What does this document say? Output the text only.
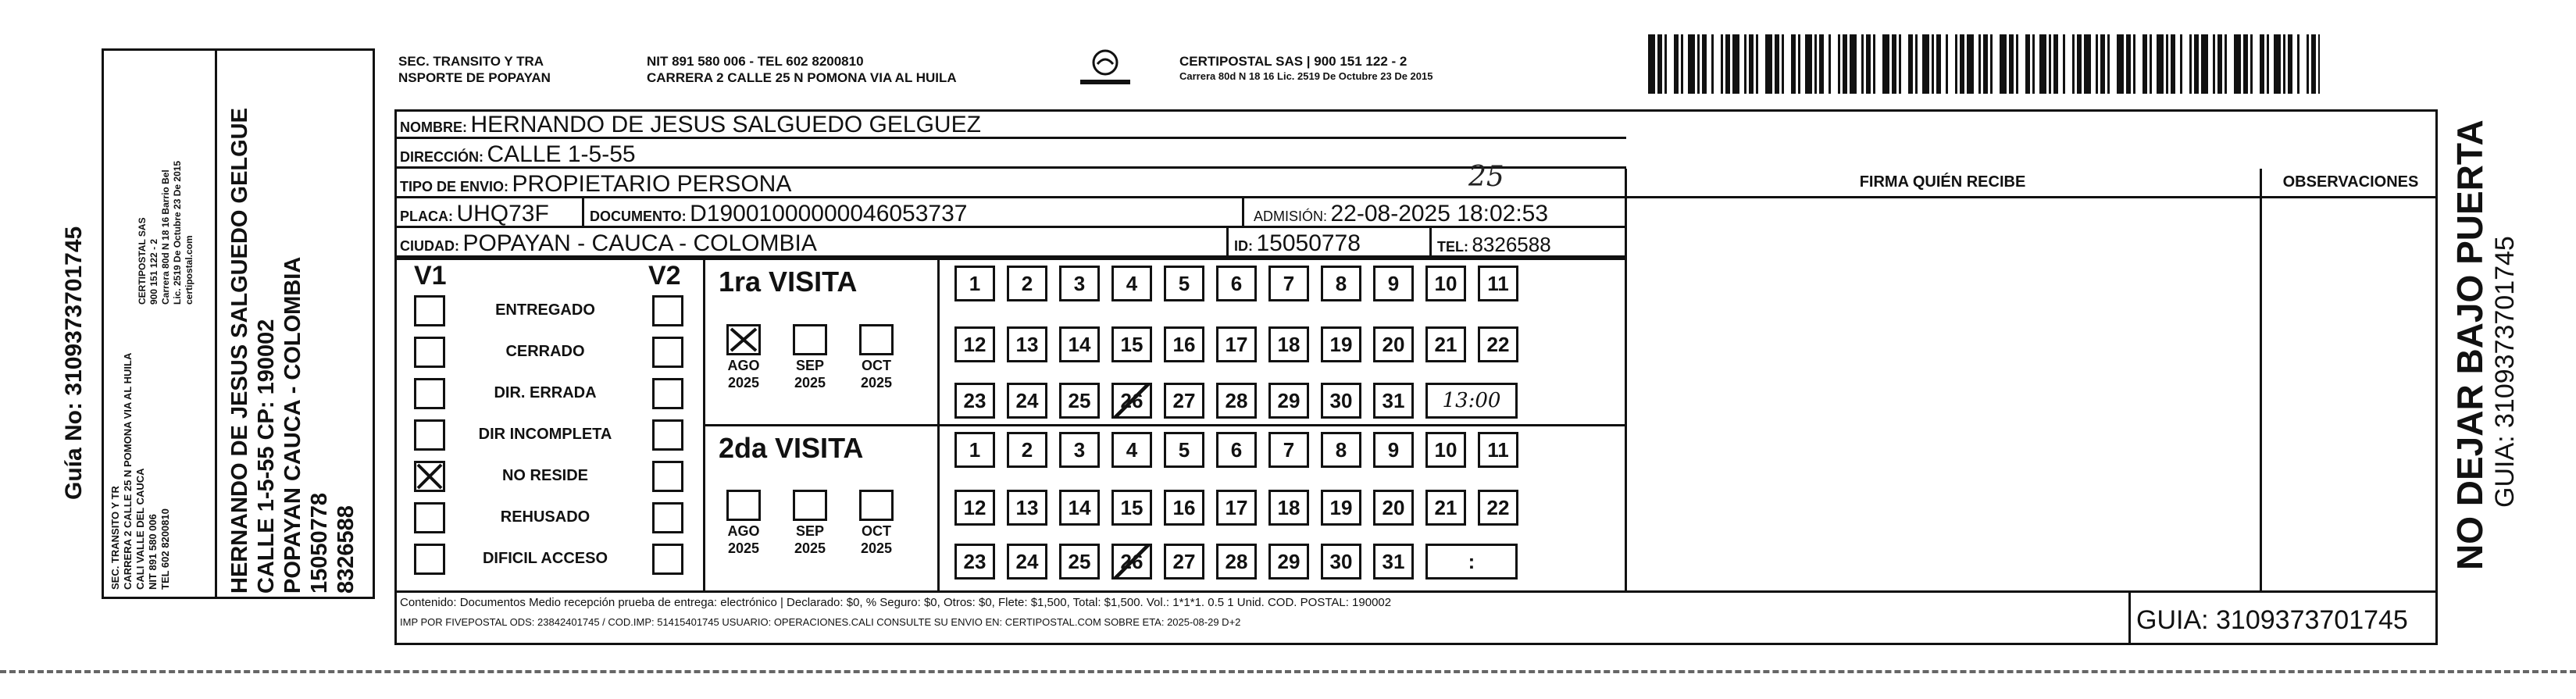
Guía No: 3109373701745
SEC. TRANSITO Y TR CARRERA 2 CALLE 25 N POMONA VIA AL HUILA CALI VALLE DEL CAUCA NIT 891 580 006 TEL 602 8200810
CERTIPOSTAL SAS 900 151 122 - 2 Carrera 80d N 18 16 Barrio Bel Lic. 2519 De Octubre 23 De 2015 certipostal.com HERNANDO DE JESUS SALGUEDO GELGUE CALLE 1-5-55 CP: 190002 POPAYAN CAUCA - COLOMBIA 15050778 8326588
SEC. TRANSITO Y TRA
NSPORTE DE POPAYAN
NIT 891 580 006 - TEL 602 8200810
CARRERA 2 CALLE 25 N POMONA VIA AL HUILA
CERTIPOSTAL SAS | 900 151 122 - 2
Carrera 80d N 18 16 Lic. 2519 De Octubre 23 De 2015
NOMBRE: HERNANDO DE JESUS SALGUEDO GELGUEZ
DIRECCIÓN: CALLE 1-5-55
TIPO DE ENVIO: PROPIETARIO PERSONA	25
PLACA: UHQ73F	DOCUMENTO: D19001000000046053737	ADMISIÓN: 22-08-2025 18:02:53
CIUDAD: POPAYAN - CAUCA - COLOMBIA	ID: 15050778	TEL: 8326588
V1	V2
ENTREGADO
CERRADO
DIR. ERRADA
DIR INCOMPLETA
NO RESIDE
REHUSADO
DIFICIL ACCESO
1ra VISITA
2da VISITA
AGO
2025
SEP
2025
OCT
2025
AGO
2025
SEP
2025
OCT
2025
1	2	3	4	5	6	7	8	9	10	11
12	13	14	15	16	17	18	19	20	21	22
23	24	25	26	27	28	29	30	31	13:00
1	2	3	4	5	6	7	8	9	10	11
12	13	14	15	16	17	18	19	20	21	22
23	24	25	26	27	28	29	30	31	:
FIRMA QUIÉN RECIBE	OBSERVACIONES
Contenido: Documentos Medio recepción prueba de entrega: electrónico | Declarado: $0, % Seguro: $0, Otros: $0, Flete: $1,500, Total: $1,500. Vol.: 1*1*1. 0.5 1 Unid. COD. POSTAL: 190002
IMP POR FIVEPOSTAL ODS: 23842401745 / COD.IMP: 51415401745 USUARIO: OPERACIONES.CALI CONSULTE SU ENVIO EN: CERTIPOSTAL.COM SOBRE ETA: 2025-08-29 D+2	GUIA: 3109373701745
NO DEJAR BAJO PUERTA GUIA: 3109373701745
